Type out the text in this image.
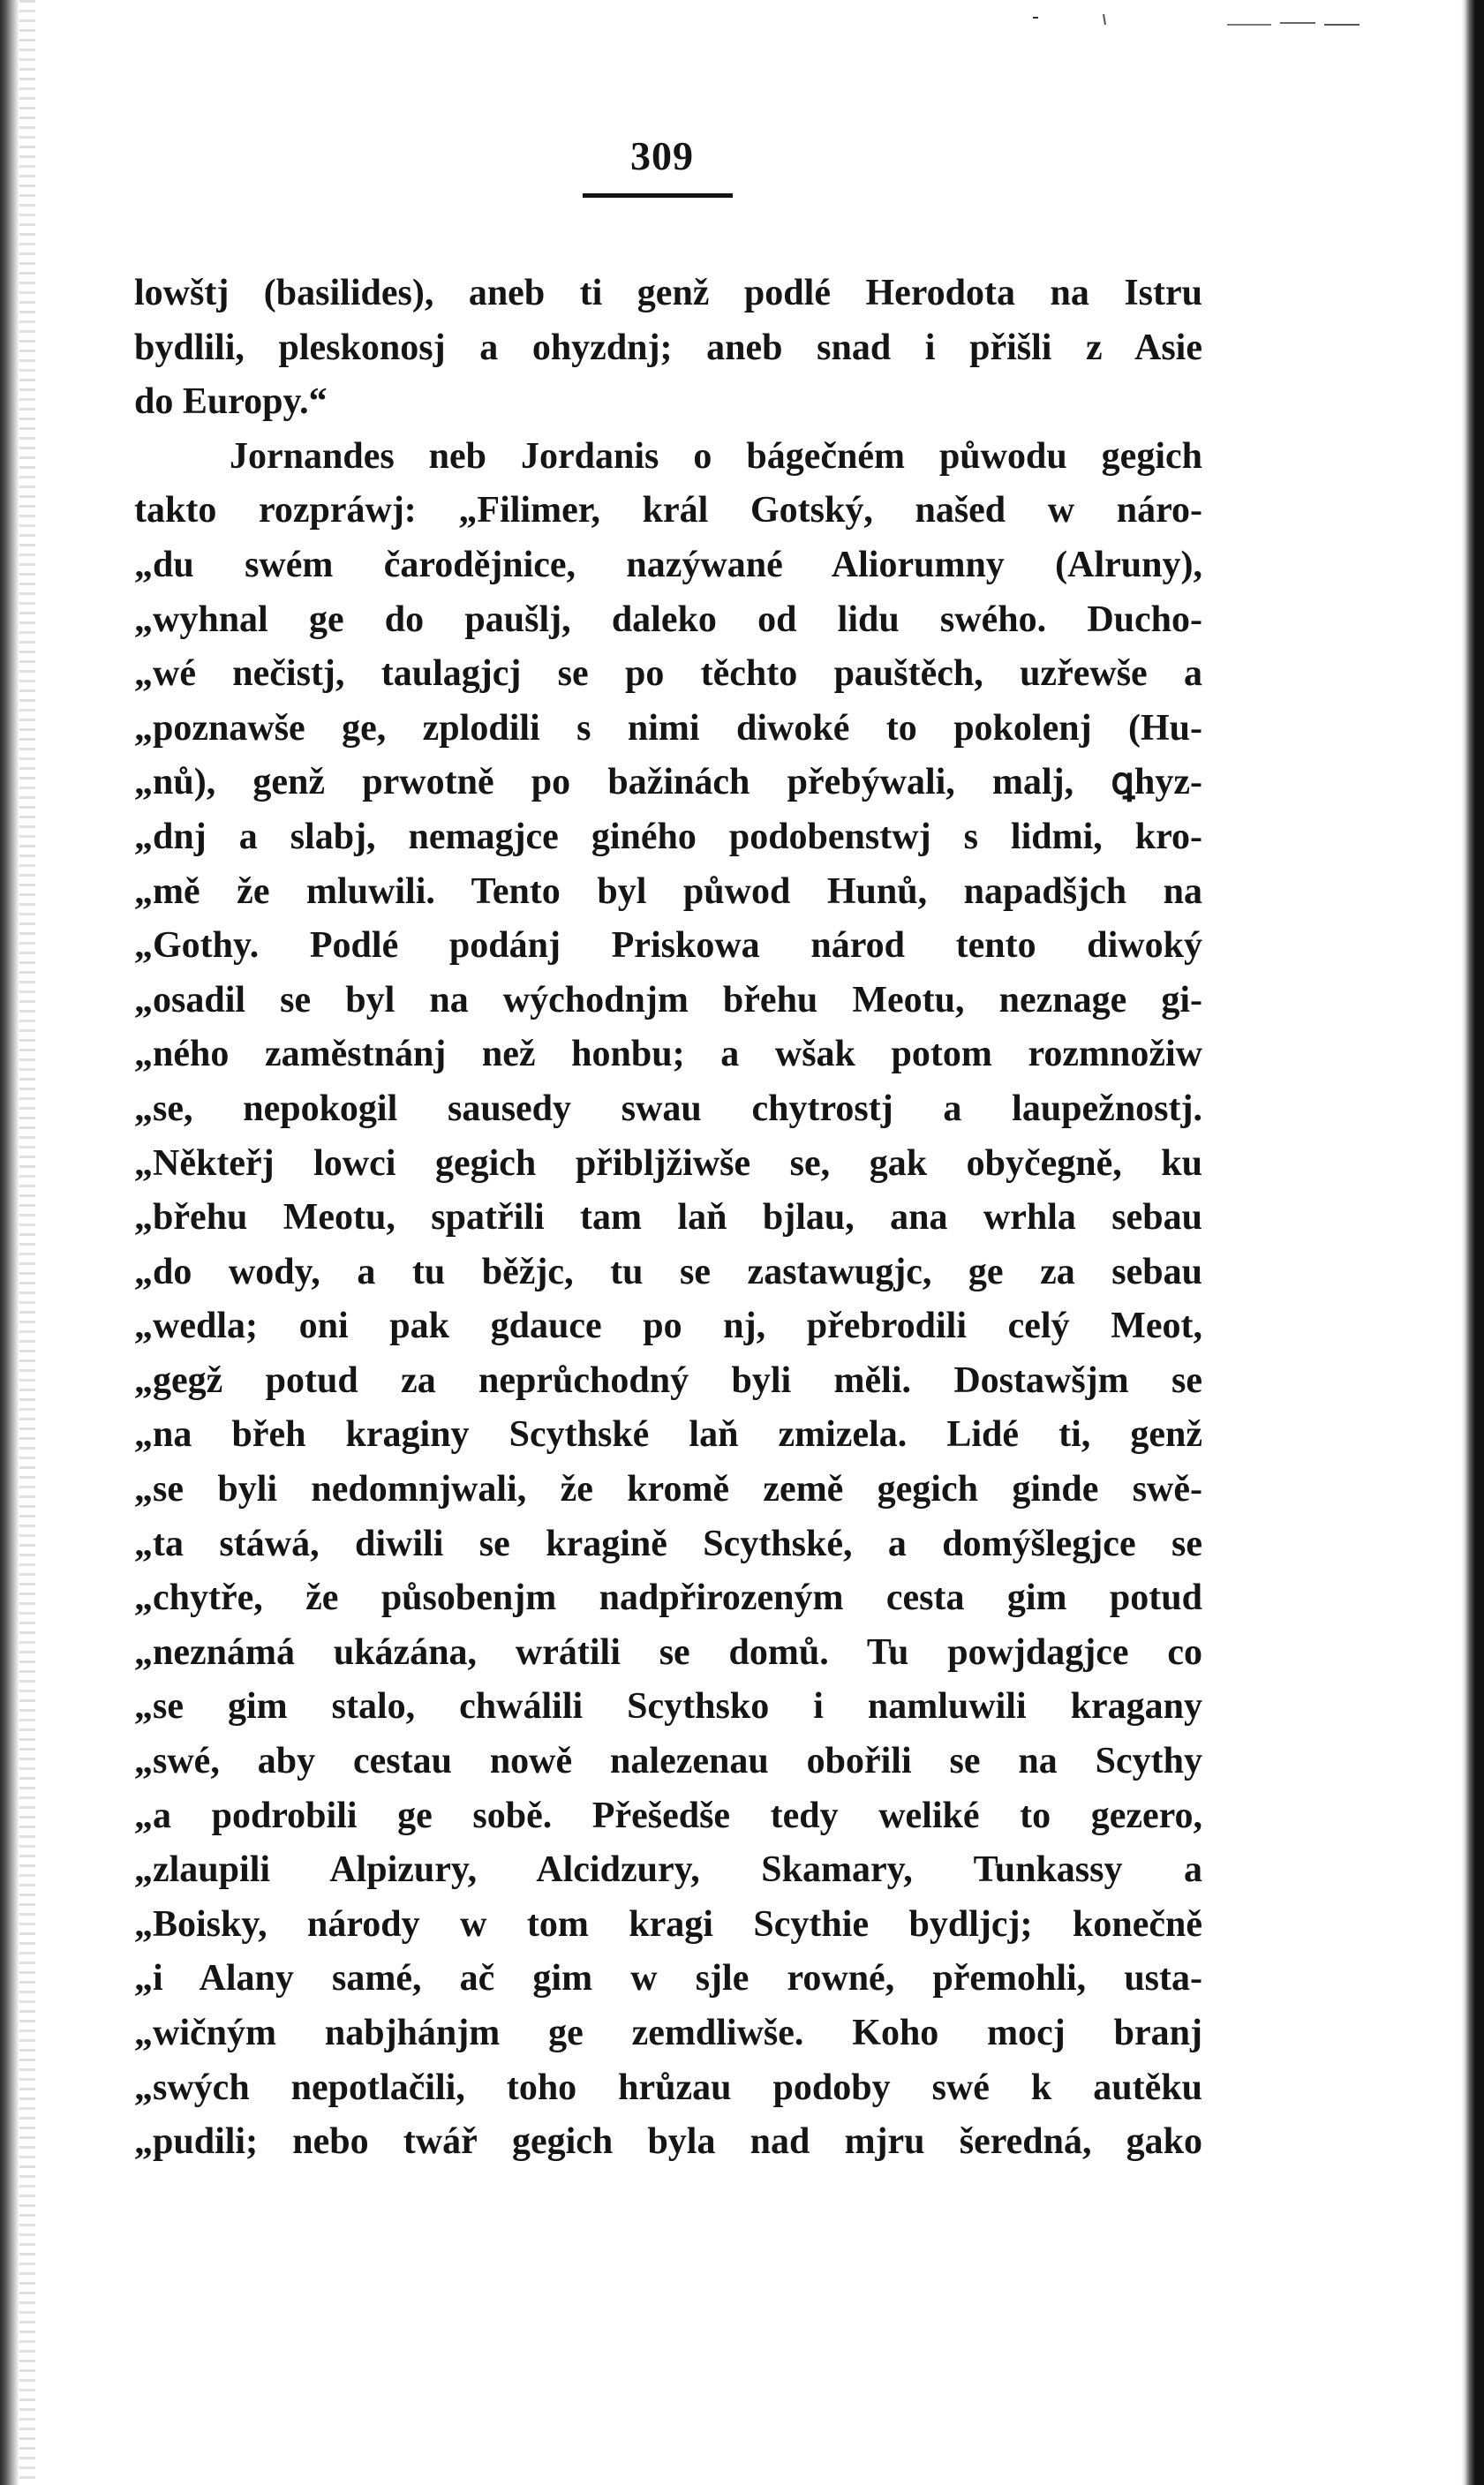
309
lowštj (basilides), aneb ti genž podlé Herodota na Istru
bydlili, pleskonosj a ohyzdnj; aneb snad i přišli z Asie
do Europy.“
Jornandes neb Jordanis o bágečném půwodu gegich
takto rozpráwj: „Filimer, král Gotský, našed w náro-
„du swém čarodějnice, nazýwané Aliorumny (Alruny),
„wyhnal ge do paušlj, daleko od lidu swého. Ducho-
„wé nečistj, taulagjcj se po těchto pauštěch, uzřewše a
„poznawše ge, zplodili s nimi diwoké to pokolenj (Hu-
„nů), genž prwotně po bažinách přebýwali, malj, ꝗhyz-
„dnj a slabj, nemagjce giného podobenstwj s lidmi, kro-
„mě že mluwili. Tento byl půwod Hunů, napadšjch na
„Gothy. Podlé podánj Priskowa národ tento diwoký
„osadil se byl na wýchodnjm břehu Meotu, neznage gi-
„ného zaměstnánj než honbu; a wšak potom rozmnožiw
„se, nepokogil sausedy swau chytrostj a laupežnostj.
„Někteřj lowci gegich přibljžiwše se, gak obyčegně, ku
„břehu Meotu, spatřili tam laň bjlau, ana wrhla sebau
„do wody, a tu běžjc, tu se zastawugjc, ge za sebau
„wedla; oni pak gdauce po nj, přebrodili celý Meot,
„gegž potud za neprůchodný byli měli. Dostawšjm se
„na břeh kraginy Scythské laň zmizela. Lidé ti, genž
„se byli nedomnjwali, že kromě země gegich ginde swě-
„ta stáwá, diwili se kragině Scythské, a domýšlegjce se
„chytře, že působenjm nadpřirozeným cesta gim potud
„neznámá ukázána, wrátili se domů. Tu powjdagjce co
„se gim stalo, chwálili Scythsko i namluwili kragany
„swé, aby cestau nowě nalezenau obořili se na Scythy
„a podrobili ge sobě. Přešedše tedy weliké to gezero,
„zlaupili Alpizury, Alcidzury, Skamary, Tunkassy a
„Boisky, národy w tom kragi Scythie bydljcj; konečně
„i Alany samé, ač gim w sjle rowné, přemohli, usta-
„wičným nabjhánjm ge zemdliwše. Koho mocj branj
„swých nepotlačili, toho hrůzau podoby swé k autěku
„pudili; nebo twář gegich byla nad mjru šeredná, gako
